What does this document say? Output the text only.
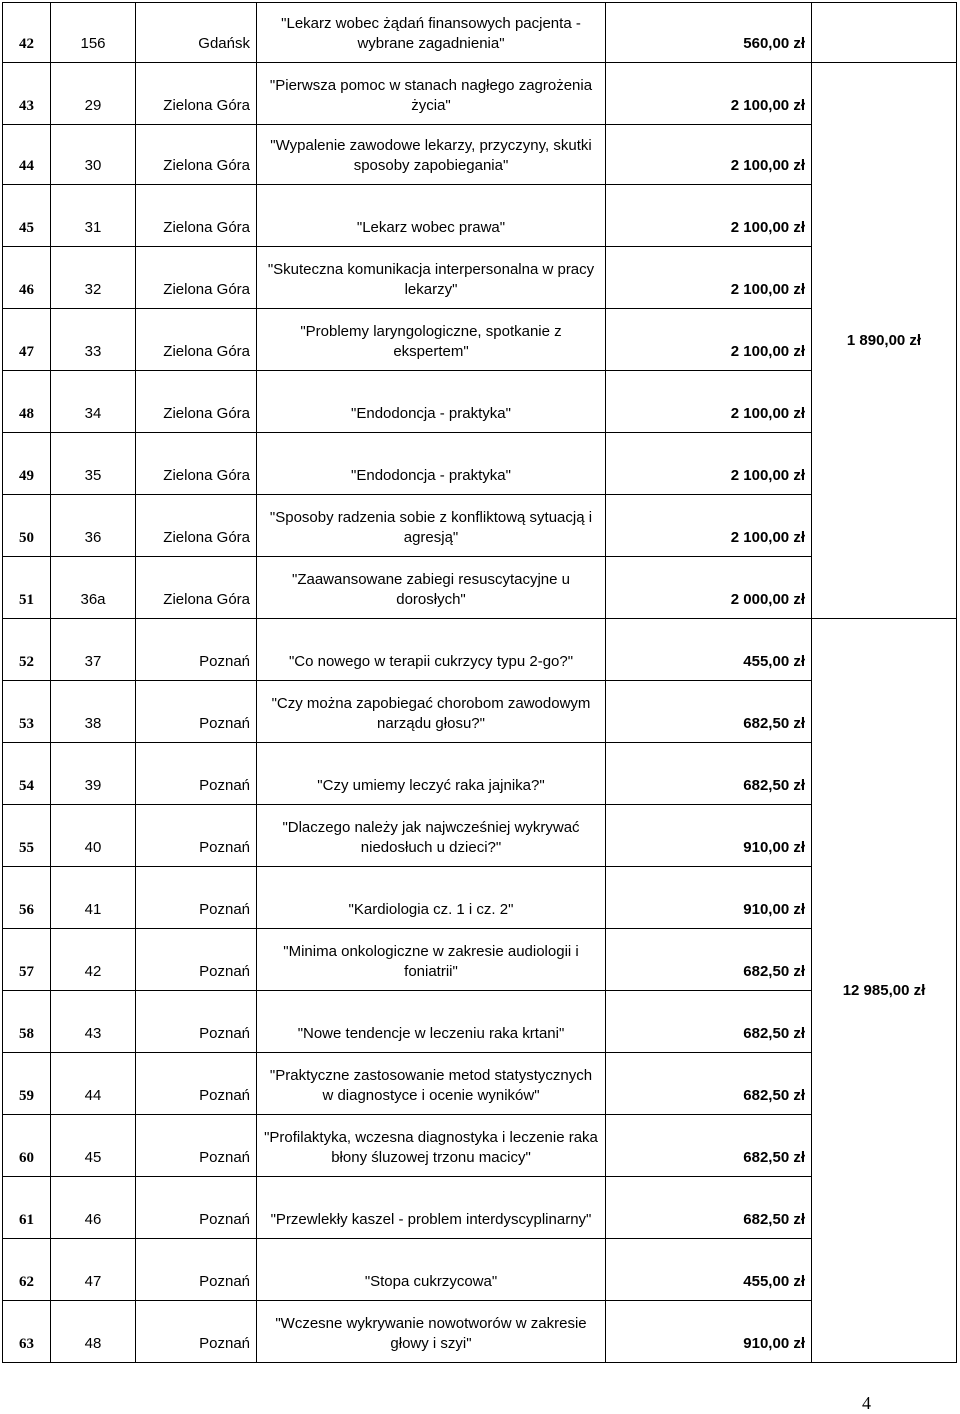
42	156	Gdańsk	"Lekarz wobec żądań finansowych pacjenta - wybrane zagadnienia"	560,00 zł	
43	29	Zielona Góra	"Pierwsza pomoc w stanach nagłego zagrożenia życia"	2 100,00 zł	1 890,00 zł
44	30	Zielona Góra	"Wypalenie zawodowe lekarzy, przyczyny, skutki sposoby zapobiegania"	2 100,00 zł	
45	31	Zielona Góra	"Lekarz wobec prawa"	2 100,00 zł	
46	32	Zielona Góra	"Skuteczna komunikacja interpersonalna w pracy lekarzy"	2 100,00 zł	
47	33	Zielona Góra	"Problemy laryngologiczne, spotkanie z ekspertem"	2 100,00 zł	
48	34	Zielona Góra	"Endodoncja - praktyka"	2 100,00 zł	
49	35	Zielona Góra	"Endodoncja - praktyka"	2 100,00 zł	
50	36	Zielona Góra	"Sposoby radzenia sobie z konfliktową sytuacją i agresją"	2 100,00 zł	
51	36a	Zielona Góra	"Zaawansowane zabiegi resuscytacyjne u dorosłych"	2 000,00 zł	
52	37	Poznań	"Co nowego w terapii cukrzycy typu 2-go?"	455,00 zł	12 985,00 zł
53	38	Poznań	"Czy można zapobiegać chorobom zawodowym narządu głosu?"	682,50 zł	
54	39	Poznań	"Czy umiemy leczyć raka jajnika?"	682,50 zł	
55	40	Poznań	"Dlaczego należy jak najwcześniej wykrywać niedosłuch u dzieci?"	910,00 zł	
56	41	Poznań	"Kardiologia cz. 1 i cz. 2"	910,00 zł	
57	42	Poznań	"Minima onkologiczne w zakresie audiologii i foniatrii"	682,50 zł	
58	43	Poznań	"Nowe tendencje w leczeniu raka krtani"	682,50 zł	
59	44	Poznań	"Praktyczne zastosowanie metod statystycznych w diagnostyce i ocenie wyników"	682,50 zł	
60	45	Poznań	"Profilaktyka, wczesna diagnostyka i leczenie raka błony śluzowej trzonu macicy"	682,50 zł	
61	46	Poznań	"Przewlekły kaszel - problem interdyscyplinarny"	682,50 zł	
62	47	Poznań	"Stopa cukrzycowa"	455,00 zł	
63	48	Poznań	"Wczesne wykrywanie nowotworów w zakresie głowy i szyi"	910,00 zł	
4
